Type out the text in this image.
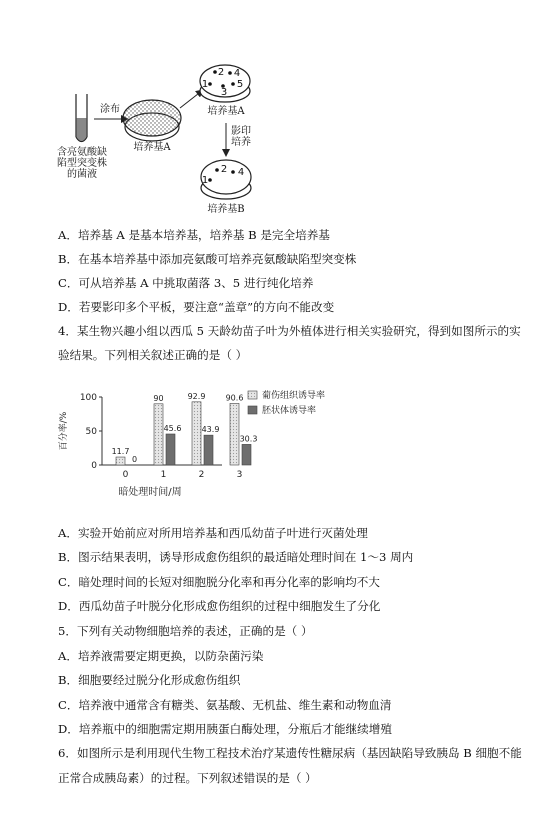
2 4
1
3
5
2
1
4
含亮氨酸缺
陷型突变株
的菌液
涂布
培养基A
培养基A
影印
培养
培养基B
A．培养基 A 是基本培养基，培养基 B 是完全培养基
B．在基本培养基中添加亮氨酸可培养亮氨酸缺陷型突变株
C．可从培养基 A 中挑取菌落 3、5 进行纯化培养
D．若要影印多个平板，要注意“盖章”的方向不能改变
4．某生物兴趣小组以西瓜 5 天龄幼苗子叶为外植体进行相关实验研究，得到如图所示的实
验结果。下列相关叙述正确的是（ ）
0
50
100
百分率/%
11.7
0
0
90
45.6
1
92.9
43.9
2
90.6
30.3
3
暗处理时间/周
葡伤组织诱导率
胚状体诱导率
A．实验开始前应对所用培养基和西瓜幼苗子叶进行灭菌处理
B．图示结果表明，诱导形成愈伤组织的最适暗处理时间在 1～3 周内
C．暗处理时间的长短对细胞脱分化率和再分化率的影响均不大
D．西瓜幼苗子叶脱分化形成愈伤组织的过程中细胞发生了分化
5．下列有关动物细胞培养的表述，正确的是（ ）
A．培养液需要定期更换，以防杂菌污染
B．细胞要经过脱分化形成愈伤组织
C．培养液中通常含有糖类、氨基酸、无机盐、维生素和动物血清
D．培养瓶中的细胞需定期用胰蛋白酶处理，分瓶后才能继续增殖
6．如图所示是利用现代生物工程技术治疗某遗传性糖尿病（基因缺陷导致胰岛 B 细胞不能
正常合成胰岛素）的过程。下列叙述错误的是（ ）
